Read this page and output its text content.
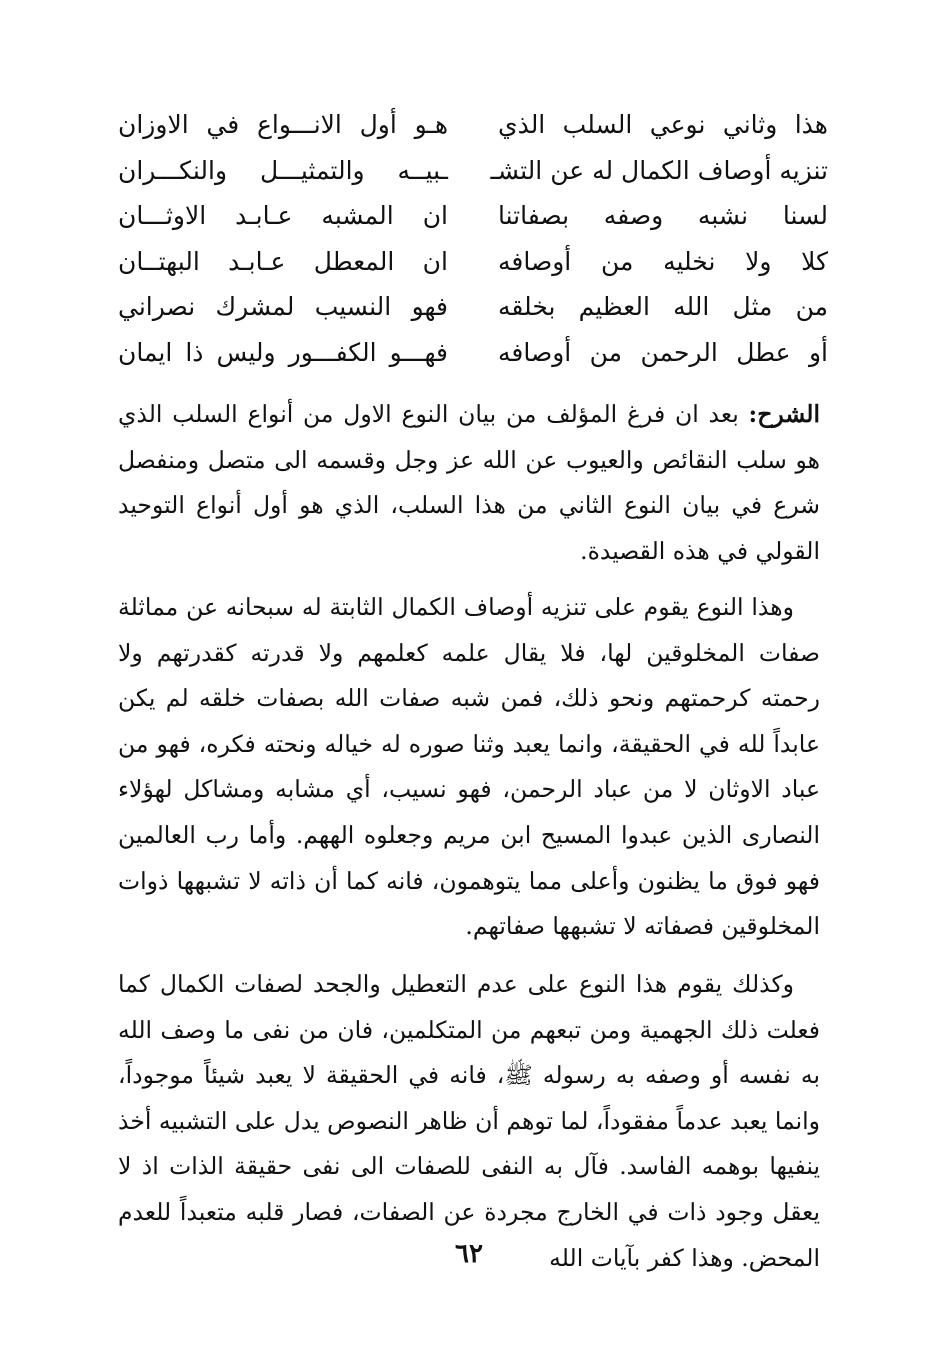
هذا وثاني نوعي السلب الذي
هـو أول الانـــواع في الاوزان
تنزيه أوصاف الكمال له عن التشـ
ـبيــه والتمثيـــل والنكـــران
لسنا نشبه وصفه بصفاتنا
ان المشبه عـابـد الاوثـــان
كلا ولا نخليه من أوصافه
ان المعطل عـابـد البهتــان
من مثل الله العظيم بخلقه
فهو النسيب لمشرك نصراني
أو عطل الرحمن من أوصافه
فهـــو الكفـــور وليس ذا ايمان

الشرح: بعد ان فرغ المؤلف من بيان النوع الاول من أنواع السلب الذي هو سلب النقائص والعيوب عن الله عز وجل وقسمه الى متصل ومنفصل شرع في بيان النوع الثاني من هذا السلب، الذي هو أول أنواع التوحيد القولي في هذه القصيدة.

وهذا النوع يقوم على تنزيه أوصاف الكمال الثابتة له سبحانه عن مماثلة صفات المخلوقين لها، فلا يقال علمه كعلمهم ولا قدرته كقدرتهم ولا رحمته كرحمتهم ونحو ذلك، فمن شبه صفات الله بصفات خلقه لم يكن عابداً لله في الحقيقة، وانما يعبد وثنا صوره له خياله ونحته فكره، فهو من عباد الاوثان لا من عباد الرحمن، فهو نسيب، أي مشابه ومشاكل لهؤلاء النصارى الذين عبدوا المسيح ابن مريم وجعلوه الههم. وأما رب العالمين فهو فوق ما يظنون وأعلى مما يتوهمون، فانه كما أن ذاته لا تشبهها ذوات المخلوقين فصفاته لا تشبهها صفاتهم.

وكذلك يقوم هذا النوع على عدم التعطيل والجحد لصفات الكمال كما فعلت ذلك الجهمية ومن تبعهم من المتكلمين، فان من نفى ما وصف الله به نفسه أو وصفه به رسوله ﷺ، فانه في الحقيقة لا يعبد شيئاً موجوداً، وانما يعبد عدماً مفقوداً، لما توهم أن ظاهر النصوص يدل على التشبيه أخذ ينفيها بوهمه الفاسد. فآل به النفى للصفات الى نفى حقيقة الذات اذ لا يعقل وجود ذات في الخارج مجردة عن الصفات، فصار قلبه متعبداً للعدم المحض. وهذا كفر بآيات الله

٦٢
